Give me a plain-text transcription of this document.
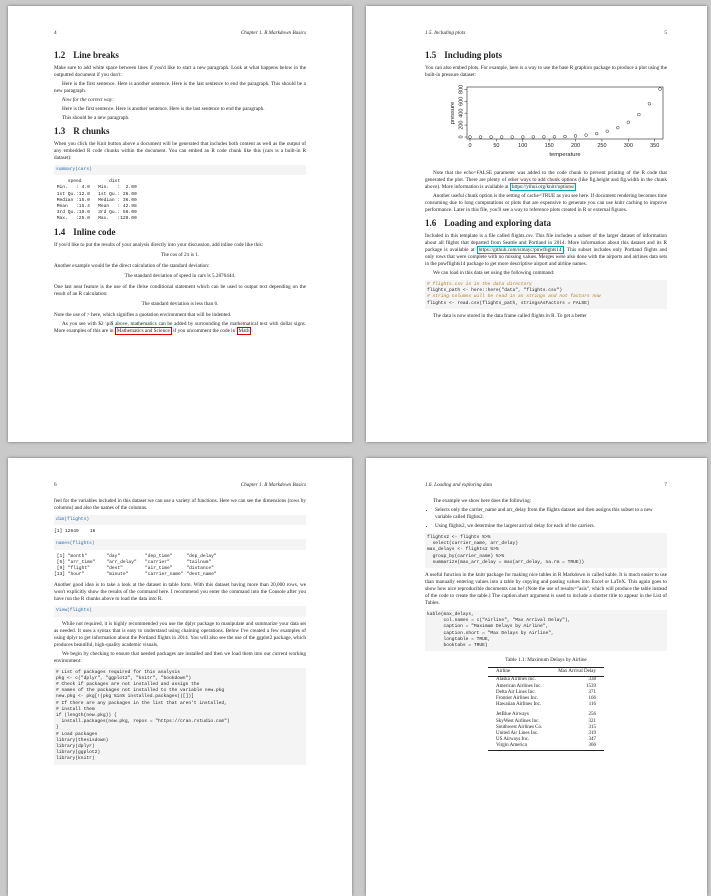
4	Chapter 1. R Markdown Basics
1.2 Line breaks

Make sure to add white space between lines if you'd like to start a new paragraph. Look at what happens below in the outputted document if you don't:

Here is the first sentence. Here is another sentence. Here is the last sentence to end the paragraph. This should be a new paragraph.

Now for the correct way:

Here is the first sentence. Here is another sentence. Here is the last sentence to end the paragraph.

This should be a new paragraph.

1.3 R chunks

When you click the Knit button above a document will be generated that includes both content as well as the output of any embedded R code chunks within the document. You can embed an R code chunk like this (cars is a built-in R dataset):

summary(cars)
speed          dist
Min.   : 4.0   Min.   :  2.00
1st Qu.:12.0   1st Qu.: 26.00
Median :15.0   Median : 36.00
Mean   :15.4   Mean   : 42.98
3rd Qu.:19.0   3rd Qu.: 56.00
Max.   :25.0   Max.   :120.00
1.4 Inline code

If you'd like to put the results of your analysis directly into your discussion, add inline code like this:

The cos of 2π is 1.

Another example would be the direct calculation of the standard deviation:

The standard deviation of speed in cars is 5.2876444.

One last neat feature is the use of the ifelse conditional statement which can be used to output text depending on the result of an R calculation:

The standard deviation is less than 6.

Note the use of > here, which signifies a quotation environment that will be indented.

As you see with $2 \pi$ above, mathematics can be added by surrounding the mathematical text with dollar signs. More examples of this are in Mathematics and Science if you uncomment the code in Math .

1.5. Including plots	5
1.5 Including plots

You can also embed plots. For example, here is a way to use the base R graphics package to produce a plot using the built-in pressure dataset:

0	50	100	150	200	250	300	350
0
200
400
600
800
temperature
pressure

Note that the echo=FALSE parameter was added to the code chunk to prevent printing of the R code that generated the plot. There are plenty of other ways to add chunk options (like fig.height and fig.width in the chunk above). More information is available at https://yihui.org/knitr/options/

Another useful chunk option is the setting of cache=TRUE as you see here. If document rendering becomes time consuming due to long computations or plots that are expensive to generate you can use knitr caching to improve performance. Later in this file, you'll see a way to reference plots created in R or external figures.

1.6 Loading and exploring data

Included in this template is a file called flights.csv. This file includes a subset of the larger dataset of information about all flights that departed from Seattle and Portland in 2014. More information about this dataset and its R package is available at https://github.com/ismayc/pnwflights14 . This subset includes only Portland flights and only rows that were complete with no missing values. Merges were also done with the airports and airlines data sets in the pnwflights14 package to get more descriptive airport and airline names.

We can load in this data set using the following command:

# flights.csv is in the data directory
flights_path <- here::here("data", "flights.csv")
# string columns will be read in as strings and not factors now
flights <- read.csv(flights_path, stringsAsFactors = FALSE)

The data is now stored in the data frame called flights in R. To get a better

6	Chapter 1. R Markdown Basics

feel for the variables included in this dataset we can use a variety of functions. Here we can see the dimensions (rows by columns) and also the names of the columns.

dim(flights)
[1] 12649    16
names(flights)
[1] "month"       "day"         "dep_time"     "dep_delay"
[5] "arr_time"    "arr_delay"   "carrier"      "tailnum"
[9] "flight"      "dest"        "air_time"     "distance"
[13] "hour"        "minute"      "carrier_name" "dest_name"

Another good idea is to take a look at the dataset in table form. With this dataset having more than 20,000 rows, we won't explicitly show the results of the command here. I recommend you enter the command into the Console after you have run the R chunks above to load the data into R.

View(flights)

While not required, it is highly recommended you use the dplyr package to manipulate and summarize your data set as needed. It uses a syntax that is easy to understand using chaining operations. Below I've created a few examples of using dplyr to get information about the Portland flights in 2014. You will also see the use of the ggplot2 package, which produces beautiful, high-quality academic visuals.

We begin by checking to ensure that needed packages are installed and then we load them into our current working environment:

# List of packages required for this analysis
pkg <- c("dplyr", "ggplot2", "knitr", "bookdown")
# Check if packages are not installed and assign the
# names of the packages not installed to the variable new.pkg
new.pkg <- pkg[!(pkg %in% installed.packages()[])]
# If there are any packages in the list that aren't installed,
# install them
if (length(new.pkg)) {
install.packages(new.pkg, repos = "https://cran.rstudio.com")
}
# Load packages
library(thesisdown)
library(dplyr)
library(ggplot2)
library(knitr)
1.6. Loading and exploring data	7

The example we show here does the following:

• Selects only the carrier_name and arr_delay from the flights dataset and then assigns this subset to a new variable called flights2.
• Using flights2, we determine the largest arrival delay for each of the carriers.
flights2 <- flights %>%
select(carrier_name, arr_delay)
max_delays <- flights2 %>%
group_by(carrier_name) %>%
summarize(max_arr_delay = max(arr_delay, na.rm = TRUE))

A useful function in the knitr package for making nice tables in R Markdown is called kable. It is much easier to use than manually entering values into a table by copying and pasting values into Excel or LaTeX. This again goes to show how nice reproducible documents can be! (Note the use of results="asis", which will produce the table instead of the code to create the table.) The caption.short argument is used to include a shorter title to appear in the List of Tables.

kable(max_delays,
col.names = c("Airline", "Max Arrival Delay"),
caption = "Maximum Delays by Airline",
caption.short = "Max Delays by Airline",
longtable = TRUE,
booktabs = TRUE)
Table 1.1: Maximum Delays by Airline
Airline	Max Arrival Delay
Alaska Airlines Inc.	338
American Airlines Inc.	1539
Delta Air Lines Inc.	371
Frontier Airlines Inc.	166
Hawaiian Airlines Inc.	116
JetBlue Airways	256
SkyWest Airlines Inc.	321
Southwest Airlines Co.	315
United Air Lines Inc.	319
US Airways Inc.	347
Virgin America	366
